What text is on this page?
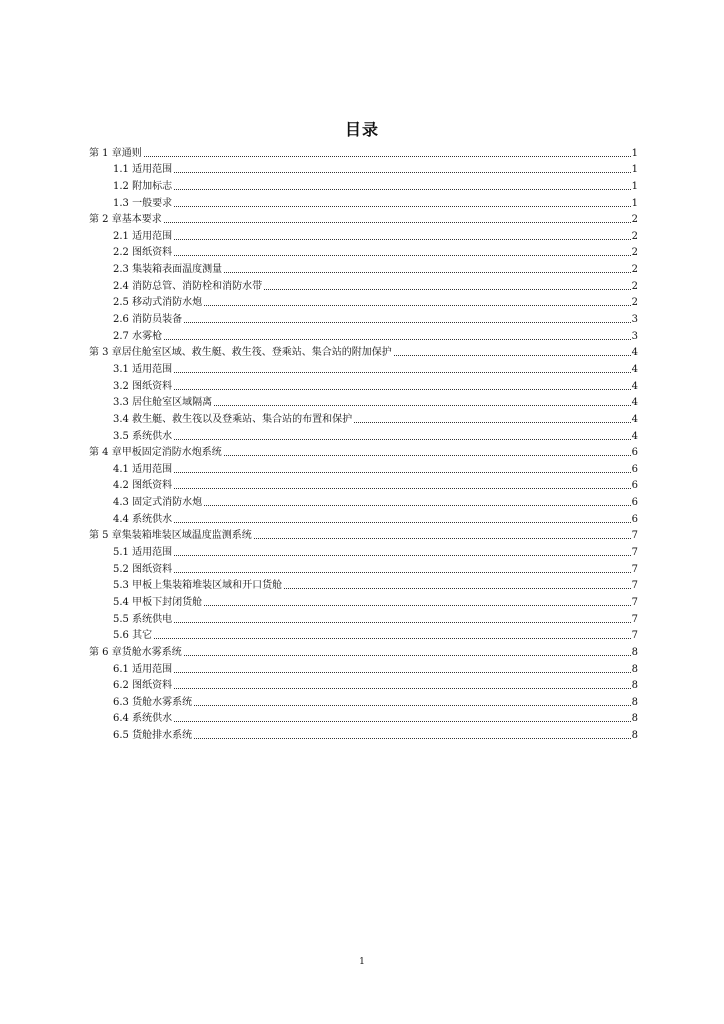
目录
第 1 章通则	1
1.1 适用范围	1
1.2 附加标志	1
1.3 一般要求	1
第 2 章基本要求	2
2.1 适用范围	2
2.2 图纸资料	2
2.3 集装箱表面温度测量	2
2.4 消防总管、消防栓和消防水带	2
2.5 移动式消防水炮	2
2.6 消防员装备	3
2.7 水雾枪	3
第 3 章居住舱室区域、救生艇、救生筏、登乘站、集合站的附加保护	4
3.1 适用范围	4
3.2 图纸资料	4
3.3 居住舱室区域隔离	4
3.4 救生艇、救生筏以及登乘站、集合站的布置和保护	4
3.5 系统供水	4
第 4 章甲板固定消防水炮系统	6
4.1 适用范围	6
4.2 图纸资料	6
4.3 固定式消防水炮	6
4.4 系统供水	6
第 5 章集装箱堆装区域温度监测系统	7
5.1 适用范围	7
5.2 图纸资料	7
5.3 甲板上集装箱堆装区域和开口货舱	7
5.4 甲板下封闭货舱	7
5.5 系统供电	7
5.6 其它	7
第 6 章货舱水雾系统	8
6.1 适用范围	8
6.2 图纸资料	8
6.3 货舱水雾系统	8
6.4 系统供水	8
6.5 货舱排水系统	8
1
